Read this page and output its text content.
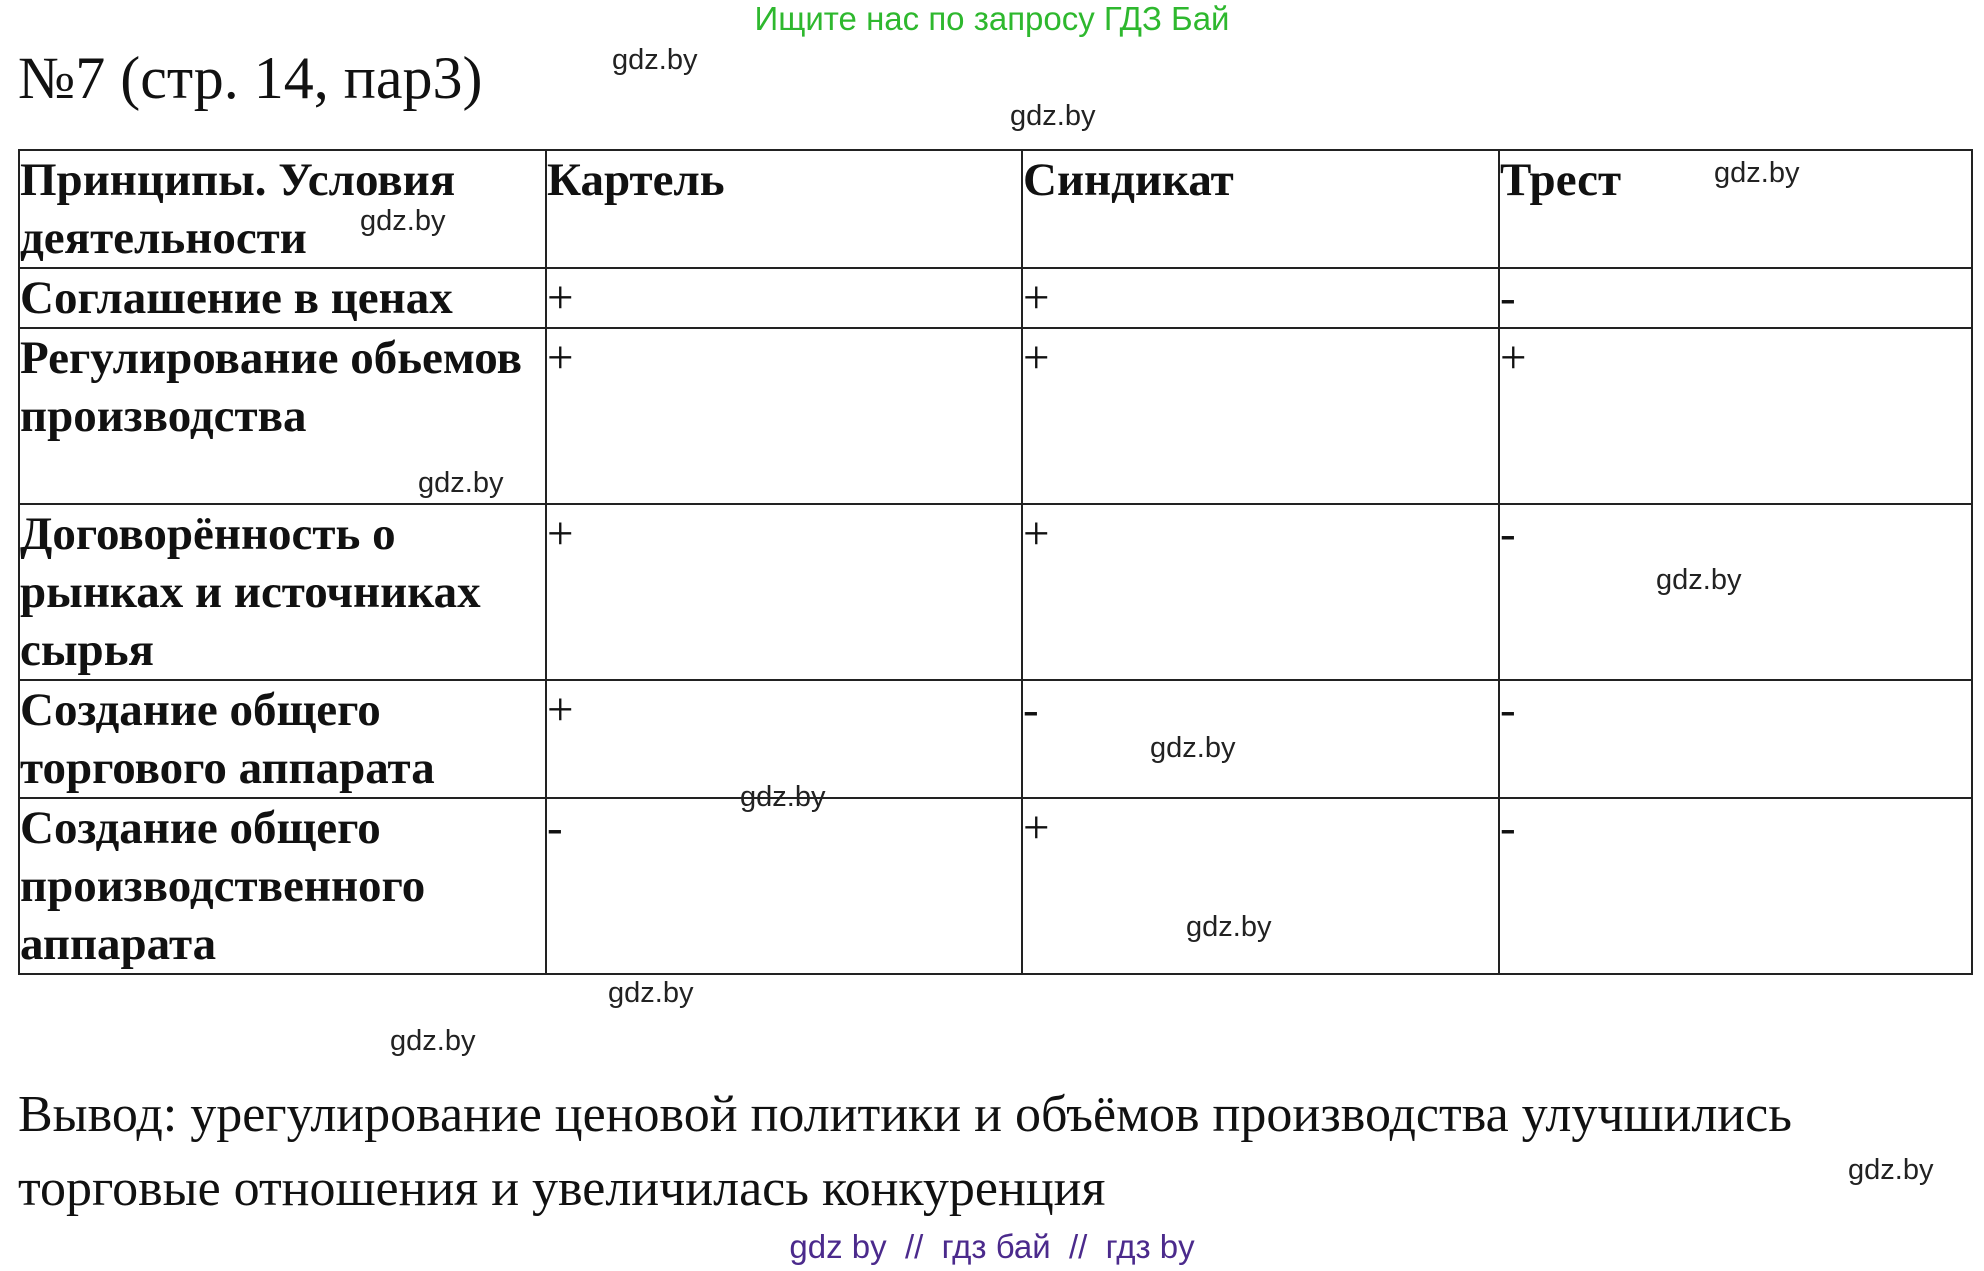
Ищите нас по запросу ГДЗ Бай
№7 (стр. 14, пар3)
Принципы. Условия деятельности	Картель	Синдикат	Трест
Соглашение в ценах	+	+	-
Регулирование обьемов производства	+	+	+
Договорённость о рынках и источниках сырья	+	+	-
Создание общего торгового аппарата	+	-	-
Создание общего производственного аппарата	-	+	-
Вывод: урегулирование ценовой политики и объёмов производства улучшились торговые отношения и увеличилась конкуренция
gdz.by
gdz.by
gdz.by
gdz.by
gdz.by
gdz.by
gdz.by
gdz.by
gdz.by
gdz.by
gdz.by
gdz.by
gdz by  //  гдз бай  //  гдз by
